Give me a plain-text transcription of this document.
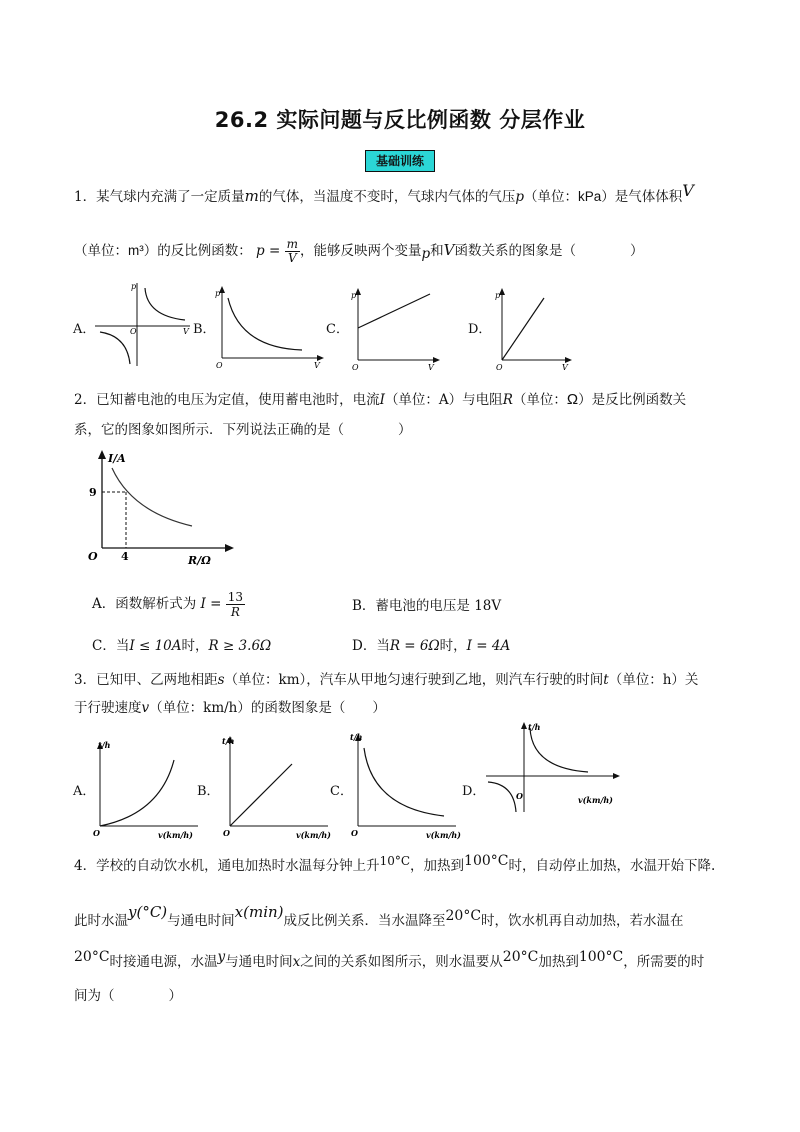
26.2 实际问题与反比例函数 分层作业
基础训练
1．某气球内充满了一定质量m的气体，当温度不变时，气球内气体的气压p（单位：kPa）是气体体积V
（单位：m³）的反比例函数： $p = \frac{m}{V}$ ，能够反映两个变量p和V函数关系的图象是（　　　　）
A．	B．	C．	D．
p
V
O
p
V
O
p
V
O
p
V
O
2．已知蓄电池的电压为定值，使用蓄电池时，电流I（单位：A）与电阻R（单位：Ω）是反比例函数关
系，它的图象如图所示．下列说法正确的是（　　　　）
I/A
R/Ω
O
9
4
A．函数解析式为 $I = \frac{13}{R}$	B．蓄电池的电压是 18V
C．当I ≤ 10A时，R ≥ 3.6Ω	D．当R = 6Ω时，I = 4A
3．已知甲、乙两地相距s（单位：km），汽车从甲地匀速行驶到乙地，则汽车行驶的时间t（单位：h）关
于行驶速度v（单位：km/h）的函数图象是（　　）
A．	B．	C．	D．
t/h
v(km/h)
O
t/h
v(km/h)
O
t/h
v(km/h)
O
t/h
v(km/h)
O
4．学校的自动饮水机，通电加热时水温每分钟上升10°C，加热到100°C时，自动停止加热，水温开始下降.
此时水温y(°C)与通电时间x(min)成反比例关系．当水温降至20°C时，饮水机再自动加热，若水温在
20°C时接通电源，水温y与通电时间x之间的关系如图所示，则水温要从20°C加热到100°C，所需要的时
间为（　　　　）
